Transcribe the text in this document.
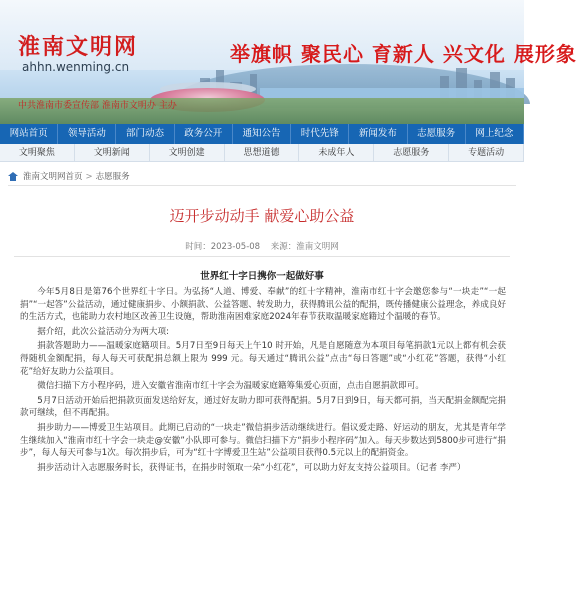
淮南文明网
ahhn.wenming.cn
举旗帜 聚民心 育新人 兴文化 展形象
中共淮南市委宣传部 淮南市文明办 主办
网站首页	领导活动	部门动态	政务公开	通知公告	时代先锋	新闻发布	志愿服务	网上纪念
文明聚焦	文明新闻	文明创建	思想道德	未成年人	志愿服务	专题活动
淮南文明网首页 > 志愿服务
迈开步动动手 献爱心助公益
时间：2023-05-08 来源：淮南文明网
世界红十字日携你一起做好事

今年5月8日是第76个世界红十字日。为弘扬“人道、博爱、奉献”的红十字精神，淮南市红十字会邀您参与“一块走”“一起捐”“一起答”公益活动，通过健康捐步、小额捐款、公益答题、转发助力，获得腾讯公益的配捐，既传播健康公益理念，养成良好的生活方式，也能助力农村地区改善卫生设施，帮助淮南困难家庭2024年春节获取温暖家庭籍过个温暖的春节。

据介绍，此次公益活动分为两大项:

捐款答题助力——温暖家庭籍项目。5月7日至9日每天上午10 时开始，凡是自愿随意为本项目每笔捐款1元以上都有机会获得随机金额配捐，每人每天可获配捐总额上限为 999 元。每天通过“腾讯公益”点击“每日答题”或“小红花”答题，获得“小红花”给好友助力公益项目。

微信扫描下方小程序码，进入安徽省淮南市红十字会为温暖家庭籍筹集爱心页面，点击自愿捐款即可。

5月7日活动开始后把捐款页面发送给好友，通过好友助力即可获得配捐。5月7日到9日，每天都可捐，当天配捐金额配完捐款可继续，但不再配捐。

捐步助力——博爱卫生站项目。此期已启动的“一块走”微信捐步活动继续进行。倡议爱走路、好运动的朋友，尤其是青年学生继续加入“淮南市红十字会一块走@安徽”小队即可参与。微信扫描下方“捐步小程序码”加入。每天步数达到5800步可进行“捐步”，每人每天可参与1次。每次捐步后，可为“红十字博爱卫生站”公益项目获得0.5元以上的配捐资金。

捐步活动计入志愿服务时长，获得证书，在捐步时领取一朵“小红花”，可以助力好友支持公益项目。（记者 李严）
